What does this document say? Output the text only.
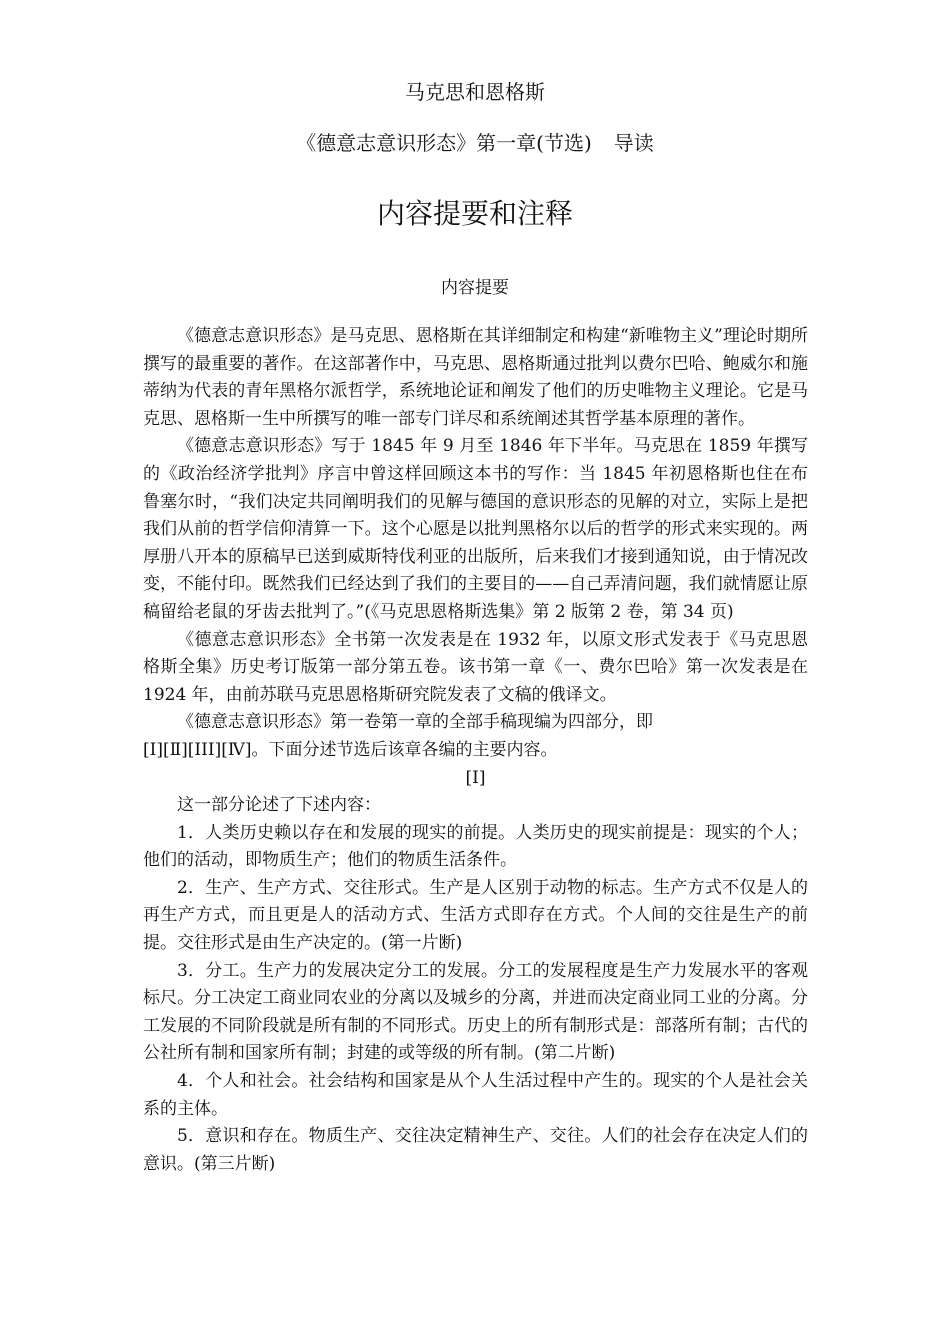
马克思和恩格斯
《德意志意识形态》第一章(节选) 导读
内容提要和注释
内容提要

《德意志意识形态》是马克思、恩格斯在其详细制定和构建“新唯物主义”理论时期所撰写的最重要的著作。在这部著作中，马克思、恩格斯通过批判以费尔巴哈、鲍威尔和施蒂纳为代表的青年黑格尔派哲学，系统地论证和阐发了他们的历史唯物主义理论。它是马克思、恩格斯一生中所撰写的唯一部专门详尽和系统阐述其哲学基本原理的著作。

《德意志意识形态》写于 1845 年 9 月至 1846 年下半年。马克思在 1859 年撰写的《政治经济学批判》序言中曾这样回顾这本书的写作：当 1845 年初恩格斯也住在布鲁塞尔时，“我们决定共同阐明我们的见解与德国的意识形态的见解的对立，实际上是把我们从前的哲学信仰清算一下。这个心愿是以批判黑格尔以后的哲学的形式来实现的。两厚册八开本的原稿早已送到威斯特伐利亚的出版所，后来我们才接到通知说，由于情况改变，不能付印。既然我们已经达到了我们的主要目的——自己弄清问题，我们就情愿让原稿留给老鼠的牙齿去批判了。”(《马克思恩格斯选集》第 2 版第 2 卷，第 34 页)

《德意志意识形态》全书第一次发表是在 1932 年，以原文形式发表于《马克思恩格斯全集》历史考订版第一部分第五卷。该书第一章《一、费尔巴哈》第一次发表是在 1924 年，由前苏联马克思恩格斯研究院发表了文稿的俄译文。

《德意志意识形态》第一卷第一章的全部手稿现编为四部分，即

[I][Ⅱ][III][Ⅳ]。下面分述节选后该章各编的主要内容。

[I]

这一部分论述了下述内容：

1．人类历史赖以存在和发展的现实的前提。人类历史的现实前提是：现实的个人；他们的活动，即物质生产；他们的物质生活条件。

2．生产、生产方式、交往形式。生产是人区别于动物的标志。生产方式不仅是人的再生产方式，而且更是人的活动方式、生活方式即存在方式。个人间的交往是生产的前提。交往形式是由生产决定的。(第一片断)

3．分工。生产力的发展决定分工的发展。分工的发展程度是生产力发展水平的客观标尺。分工决定工商业同农业的分离以及城乡的分离，并进而决定商业同工业的分离。分工发展的不同阶段就是所有制的不同形式。历史上的所有制形式是：部落所有制；古代的公社所有制和国家所有制；封建的或等级的所有制。(第二片断)

4．个人和社会。社会结构和国家是从个人生活过程中产生的。现实的个人是社会关系的主体。

5．意识和存在。物质生产、交往决定精神生产、交往。人们的社会存在决定人们的意识。(第三片断)
